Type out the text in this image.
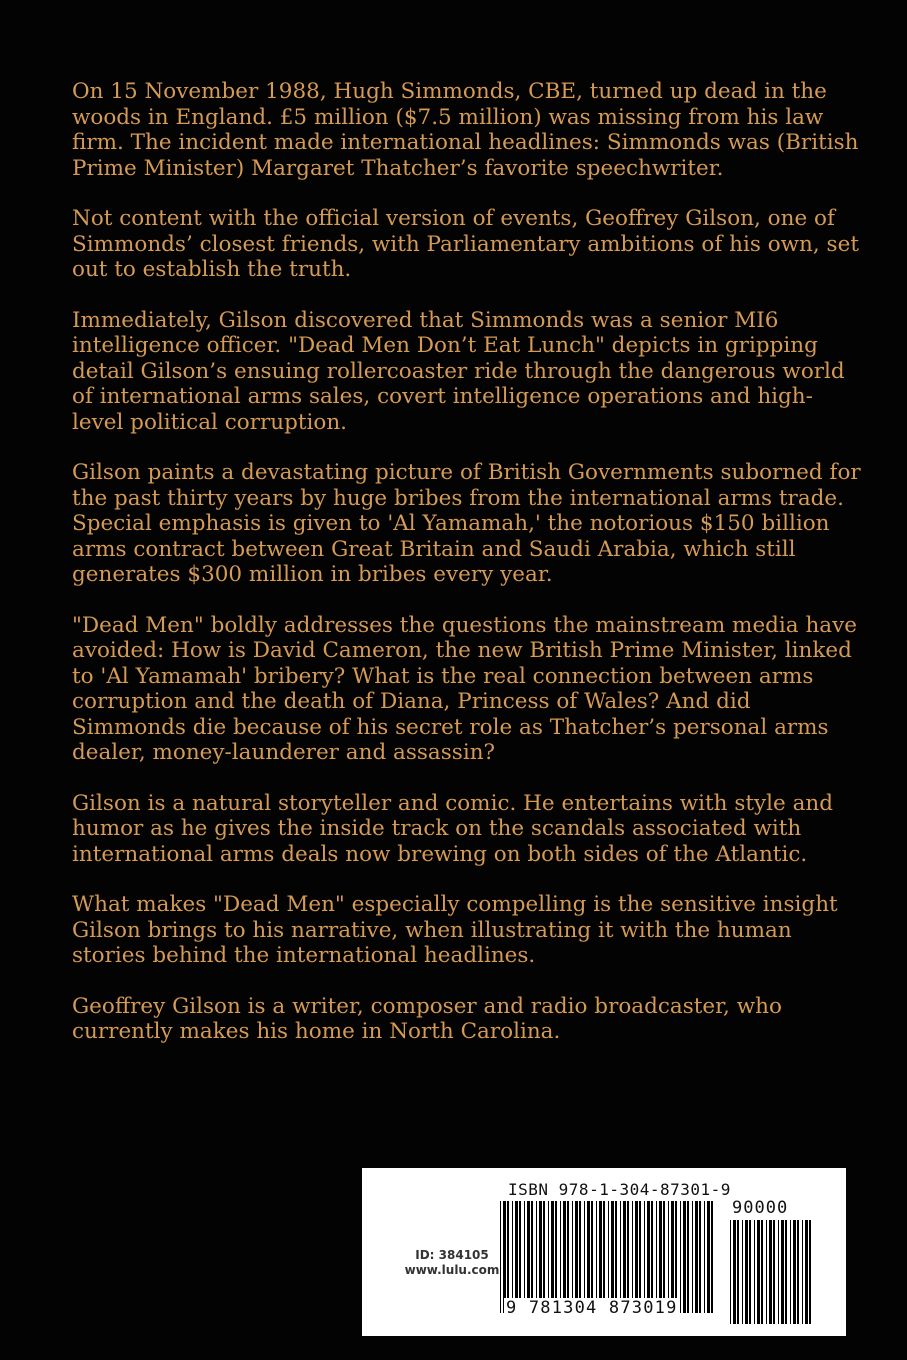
On 15 November 1988, Hugh Simmonds, CBE, turned up dead in the woods in England. £5 million ($7.5 million) was missing from his law firm. The incident made international headlines: Simmonds was (British Prime Minister) Margaret Thatcher’s favorite speechwriter.

Not content with the official version of events, Geoffrey Gilson, one of Simmonds’ closest friends, with Parliamentary ambitions of his own, set out to establish the truth.

Immediately, Gilson discovered that Simmonds was a senior MI6 intelligence officer. "Dead Men Don’t Eat Lunch" depicts in gripping detail Gilson’s ensuing rollercoaster ride through the dangerous world of international arms sales, covert intelligence operations and high-level political corruption.

Gilson paints a devastating picture of British Governments suborned for the past thirty years by huge bribes from the international arms trade. Special emphasis is given to 'Al Yamamah,' the notorious $150 billion arms contract between Great Britain and Saudi Arabia, which still generates $300 million in bribes every year.

"Dead Men" boldly addresses the questions the mainstream media have avoided: How is David Cameron, the new British Prime Minister, linked to 'Al Yamamah' bribery? What is the real connection between arms corruption and the death of Diana, Princess of Wales? And did Simmonds die because of his secret role as Thatcher’s personal arms dealer, money-launderer and assassin?

Gilson is a natural storyteller and comic. He entertains with style and humor as he gives the inside track on the scandals associated with international arms deals now brewing on both sides of the Atlantic.

What makes "Dead Men" especially compelling is the sensitive insight Gilson brings to his narrative, when illustrating it with the human stories behind the international headlines.

Geoffrey Gilson is a writer, composer and radio broadcaster, who currently makes his home in North Carolina.

ID: 384105
www.lulu.com
ISBN 978-1-304-87301-9
9 781304 873019
90000
